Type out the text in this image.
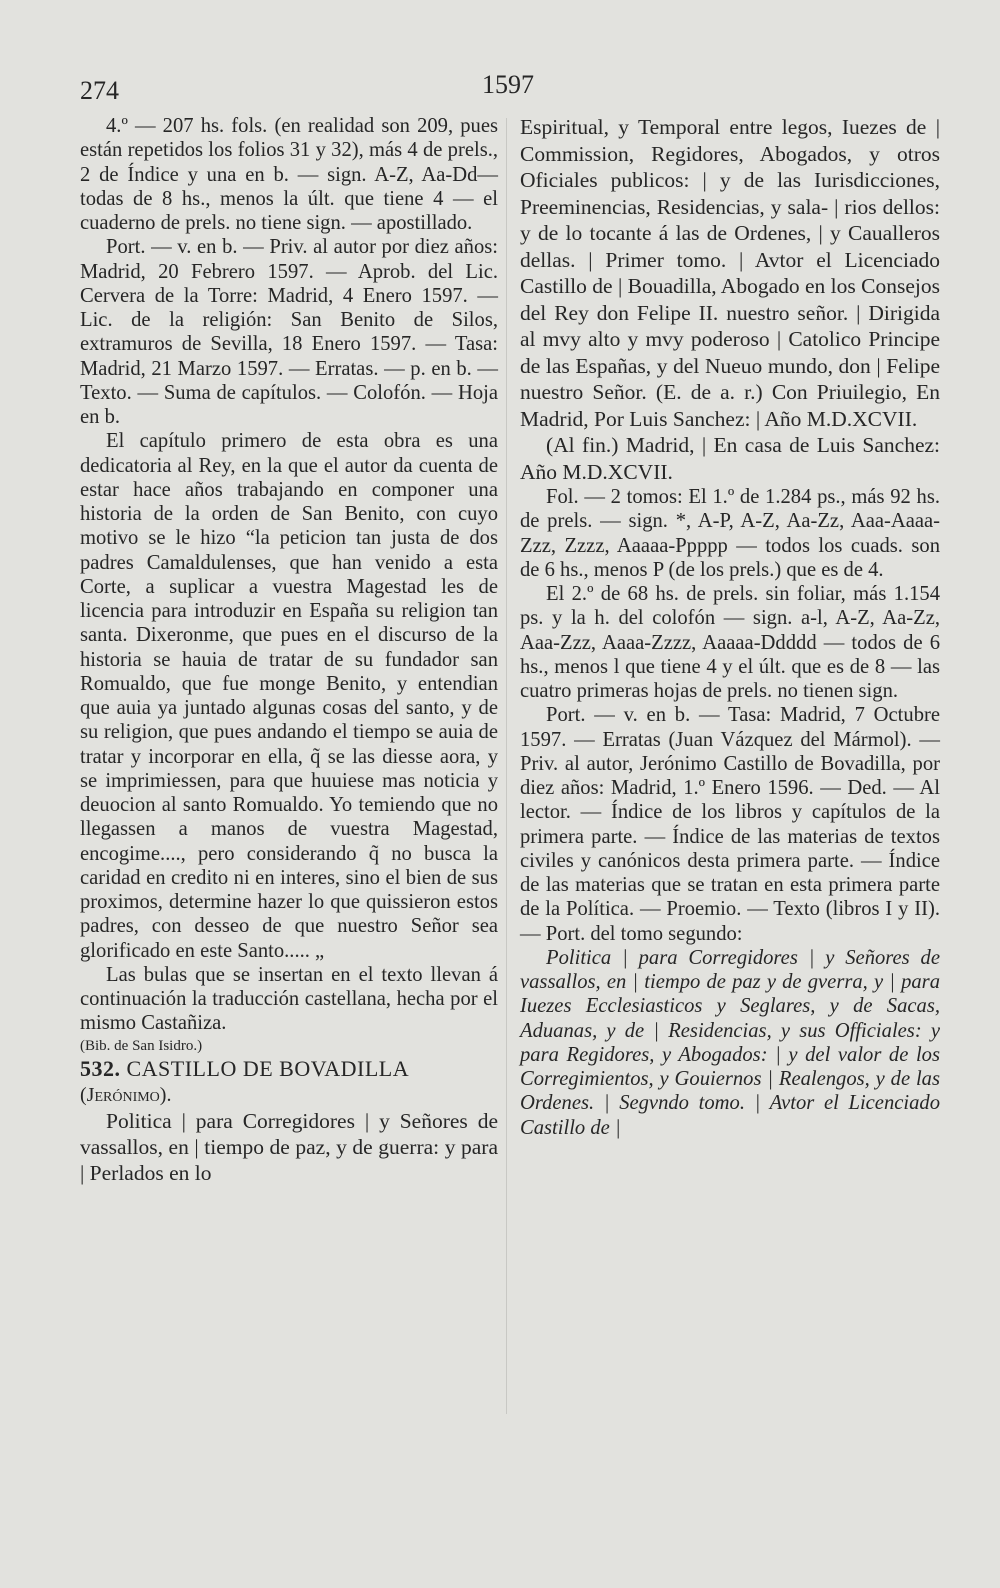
274	1597

4.º — 207 hs. fols. (en realidad son 209, pues están repetidos los folios 31 y 32), más 4 de prels., 2 de Índice y una en b. — sign. A-Z, Aa-Dd—todas de 8 hs., menos la últ. que tiene 4 — el cuaderno de prels. no tiene sign. — apostillado.

Port. — v. en b. — Priv. al autor por diez años: Madrid, 20 Febrero 1597. — Aprob. del Lic. Cervera de la Torre: Madrid, 4 Enero 1597. — Lic. de la religión: San Benito de Silos, extramuros de Sevilla, 18 Enero 1597. — Tasa: Madrid, 21 Marzo 1597. — Erratas. — p. en b. — Texto. — Suma de capítulos. — Colofón. — Hoja en b.

El capítulo primero de esta obra es una dedicatoria al Rey, en la que el autor da cuenta de estar hace años trabajando en componer una historia de la orden de San Benito, con cuyo motivo se le hizo “la peticion tan justa de dos padres Camaldulenses, que han venido a esta Corte, a suplicar a vuestra Magestad les de licencia para introduzir en España su religion tan santa. Dixeronme, que pues en el discurso de la historia se hauia de tratar de su fundador san Romualdo, que fue monge Benito, y entendian que auia ya juntado algunas cosas del santo, y de su religion, que pues andando el tiempo se auia de tratar y incorporar en ella, q̃ se las diesse aora, y se imprimiessen, para que huuiese mas noticia y deuocion al santo Romualdo. Yo temiendo que no llegassen a manos de vuestra Magestad, encogime...., pero considerando q̃ no busca la caridad en credito ni en interes, sino el bien de sus proximos, determine hazer lo que quissieron estos padres, con desseo de que nuestro Señor sea glorificado en este Santo..... „

Las bulas que se insertan en el texto llevan á continuación la traducción castellana, hecha por el mismo Castañiza.

(Bib. de San Isidro.)

532. CASTILLO DE BOVADILLA

(Jerónimo).

Politica | para Corregidores | y Señores de vassallos, en | tiempo de paz, y de guerra: y para | Perlados en lo

Espiritual, y Temporal entre legos, Iuezes de | Commission, Regidores, Abogados, y otros Oficiales publicos: | y de las Iurisdicciones, Preeminencias, Residencias, y sala- | rios dellos: y de lo tocante á las de Ordenes, | y Caualleros dellas. | Primer tomo. | Avtor el Licenciado Castillo de | Bouadilla, Abogado en los Consejos del Rey don Felipe II. nuestro señor. | Dirigida al mvy alto y mvy poderoso | Catolico Principe de las Españas, y del Nueuo mundo, don | Felipe nuestro Señor. (E. de a. r.) Con Priuilegio, En Madrid, Por Luis Sanchez: | Año M.D.XCVII.

(Al fin.) Madrid, | En casa de Luis Sanchez: Año M.D.XCVII.

Fol. — 2 tomos: El 1.º de 1.284 ps., más 92 hs. de prels. — sign. *, A-P, A-Z, Aa-Zz, Aaa-Aaaa-Zzz, Zzzz, Aaaaa-Ppppp — todos los cuads. son de 6 hs., menos P (de los prels.) que es de 4.

El 2.º de 68 hs. de prels. sin foliar, más 1.154 ps. y la h. del colofón — sign. a-l, A-Z, Aa-Zz, Aaa-Zzz, Aaaa-Zzzz, Aaaaa-Ddddd — todos de 6 hs., menos l que tiene 4 y el últ. que es de 8 — las cuatro primeras hojas de prels. no tienen sign.

Port. — v. en b. — Tasa: Madrid, 7 Octubre 1597. — Erratas (Juan Vázquez del Mármol). — Priv. al autor, Jerónimo Castillo de Bovadilla, por diez años: Madrid, 1.º Enero 1596. — Ded. — Al lector. — Índice de los libros y capítulos de la primera parte. — Índice de las materias de textos civiles y canónicos desta primera parte. — Índice de las materias que se tratan en esta primera parte de la Política. — Proemio. — Texto (libros I y II). — Port. del tomo segundo:

Politica | para Corregidores | y Señores de vassallos, en | tiempo de paz y de gverra, y | para Iuezes Ecclesiasticos y Seglares, y de Sacas, Aduanas, y de | Residencias, y sus Officiales: y para Regidores, y Abogados: | y del valor de los Corregimientos, y Gouiernos | Realengos, y de las Ordenes. | Segvndo tomo. | Avtor el Licenciado Castillo de |
